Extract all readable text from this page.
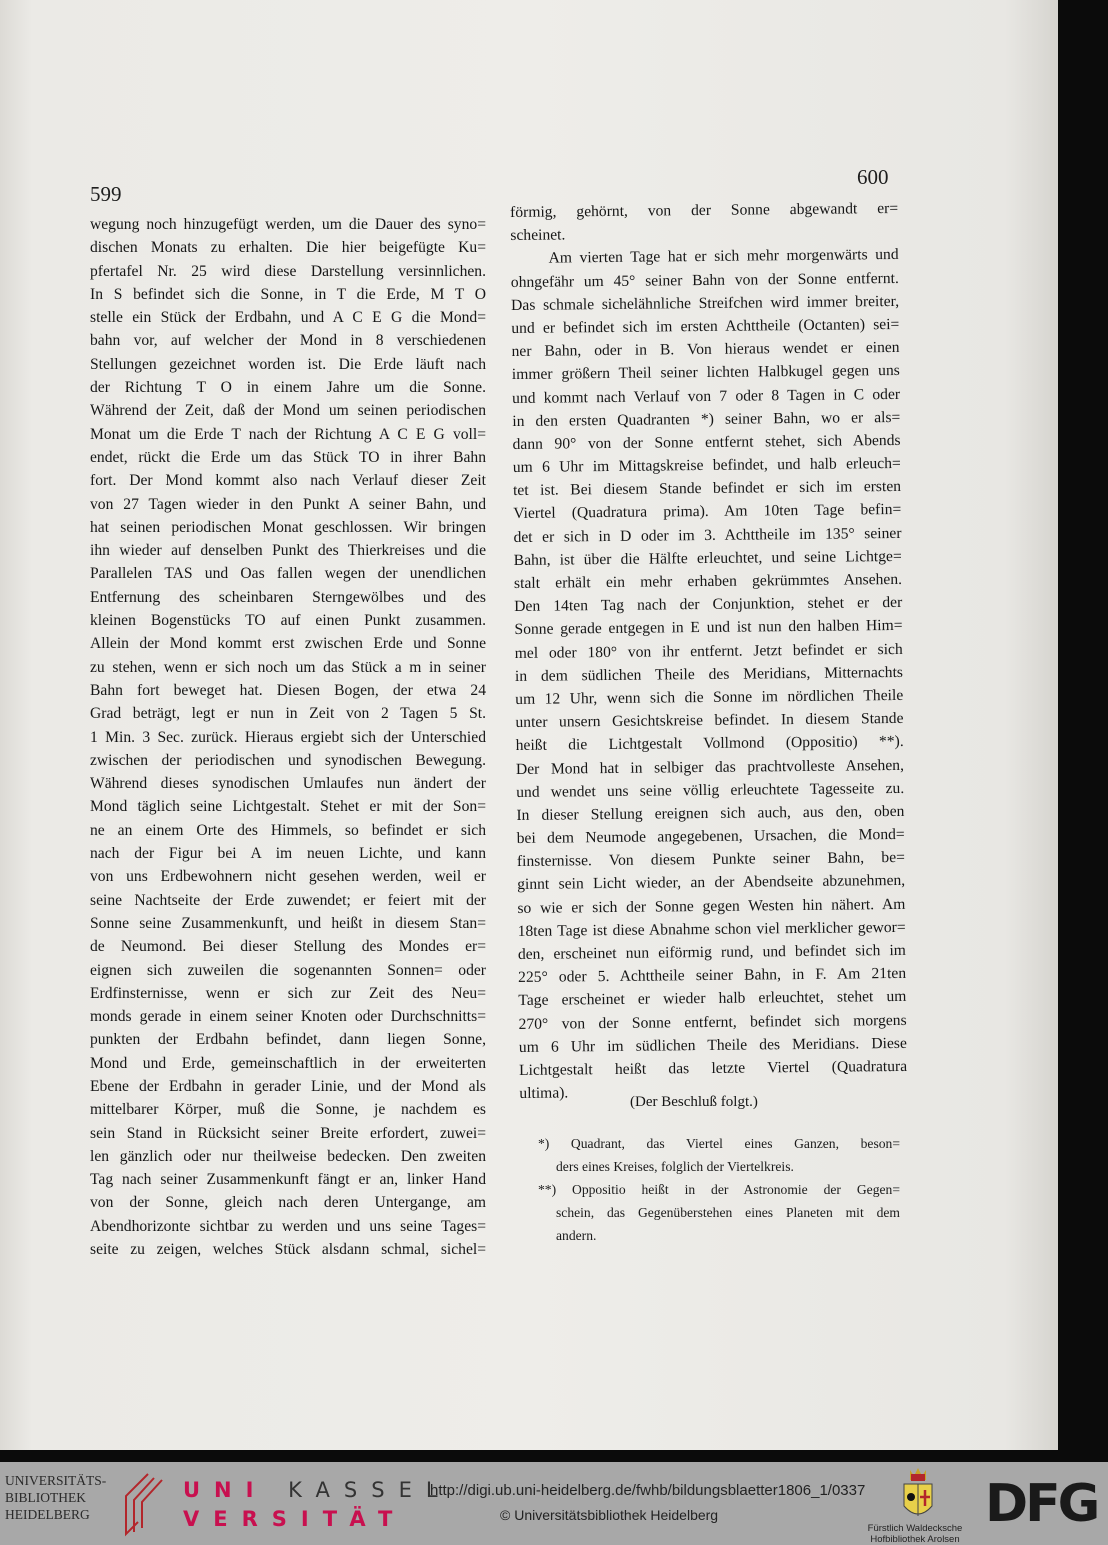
599
600
wegung noch hinzugefügt werden, um die Dauer des syno=
dischen Monats zu erhalten. Die hier beigefügte Ku=
pfertafel Nr. 25 wird diese Darstellung versinnlichen.
In S befindet sich die Sonne, in T die Erde, M T O
stelle ein Stück der Erdbahn, und A C E G die Mond=
bahn vor, auf welcher der Mond in 8 verschiedenen
Stellungen gezeichnet worden ist. Die Erde läuft nach
der Richtung T O in einem Jahre um die Sonne.
Während der Zeit, daß der Mond um seinen periodischen
Monat um die Erde T nach der Richtung A C E G voll=
endet, rückt die Erde um das Stück TO in ihrer Bahn
fort. Der Mond kommt also nach Verlauf dieser Zeit
von 27 Tagen wieder in den Punkt A seiner Bahn, und
hat seinen periodischen Monat geschlossen. Wir bringen
ihn wieder auf denselben Punkt des Thierkreises und die
Parallelen TAS und Oas fallen wegen der unendlichen
Entfernung des scheinbaren Sterngewölbes und des
kleinen Bogenstücks TO auf einen Punkt zusammen.
Allein der Mond kommt erst zwischen Erde und Sonne
zu stehen, wenn er sich noch um das Stück a m in seiner
Bahn fort beweget hat. Diesen Bogen, der etwa 24
Grad beträgt, legt er nun in Zeit von 2 Tagen 5 St.
1 Min. 3 Sec. zurück. Hieraus ergiebt sich der Unterschied
zwischen der periodischen und synodischen Bewegung.
Während dieses synodischen Umlaufes nun ändert der
Mond täglich seine Lichtgestalt. Stehet er mit der Son=
ne an einem Orte des Himmels, so befindet er sich
nach der Figur bei A im neuen Lichte, und kann
von uns Erdbewohnern nicht gesehen werden, weil er
seine Nachtseite der Erde zuwendet; er feiert mit der
Sonne seine Zusammenkunft, und heißt in diesem Stan=
de Neumond. Bei dieser Stellung des Mondes er=
eignen sich zuweilen die sogenannten Sonnen= oder
Erdfinsternisse, wenn er sich zur Zeit des Neu=
monds gerade in einem seiner Knoten oder Durchschnitts=
punkten der Erdbahn befindet, dann liegen Sonne,
Mond und Erde, gemeinschaftlich in der erweiterten
Ebene der Erdbahn in gerader Linie, und der Mond als
mittelbarer Körper, muß die Sonne, je nachdem es
sein Stand in Rücksicht seiner Breite erfordert, zuwei=
len gänzlich oder nur theilweise bedecken. Den zweiten
Tag nach seiner Zusammenkunft fängt er an, linker Hand
von der Sonne, gleich nach deren Untergange, am
Abendhorizonte sichtbar zu werden und uns seine Tages=
seite zu zeigen, welches Stück alsdann schmal, sichel=
förmig, gehörnt, von der Sonne abgewandt er=
scheinet.
Am vierten Tage hat er sich mehr morgenwärts und
ohngefähr um 45° seiner Bahn von der Sonne entfernt.
Das schmale sichelähnliche Streifchen wird immer breiter,
und er befindet sich im ersten Achttheile (Octanten) sei=
ner Bahn, oder in B. Von hieraus wendet er einen
immer größern Theil seiner lichten Halbkugel gegen uns
und kommt nach Verlauf von 7 oder 8 Tagen in C oder
in den ersten Quadranten *) seiner Bahn, wo er als=
dann 90° von der Sonne entfernt stehet, sich Abends
um 6 Uhr im Mittagskreise befindet, und halb erleuch=
tet ist. Bei diesem Stande befindet er sich im ersten
Viertel (Quadratura prima). Am 10ten Tage befin=
det er sich in D oder im 3. Achttheile im 135° seiner
Bahn, ist über die Hälfte erleuchtet, und seine Lichtge=
stalt erhält ein mehr erhaben gekrümmtes Ansehen.
Den 14ten Tag nach der Conjunktion, stehet er der
Sonne gerade entgegen in E und ist nun den halben Him=
mel oder 180° von ihr entfernt. Jetzt befindet er sich
in dem südlichen Theile des Meridians, Mitternachts
um 12 Uhr, wenn sich die Sonne im nördlichen Theile
unter unsern Gesichtskreise befindet. In diesem Stande
heißt die Lichtgestalt Vollmond (Oppositio) **).
Der Mond hat in selbiger das prachtvolleste Ansehen,
und wendet uns seine völlig erleuchtete Tagesseite zu.
In dieser Stellung ereignen sich auch, aus den, oben
bei dem Neumode angegebenen, Ursachen, die Mond=
finsternisse. Von diesem Punkte seiner Bahn, be=
ginnt sein Licht wieder, an der Abendseite abzunehmen,
so wie er sich der Sonne gegen Westen hin nähert. Am
18ten Tage ist diese Abnahme schon viel merklicher gewor=
den, erscheinet nun eiförmig rund, und befindet sich im
225° oder 5. Achttheile seiner Bahn, in F. Am 21ten
Tage erscheinet er wieder halb erleuchtet, stehet um
270° von der Sonne entfernt, befindet sich morgens
um 6 Uhr im südlichen Theile des Meridians. Diese
Lichtgestalt heißt das letzte Viertel (Quadratura
ultima).	(Der Beschluß folgt.)
*) Quadrant, das Viertel eines Ganzen, beson=
ders eines Kreises, folglich der Viertelkreis.
**) Oppositio heißt in der Astronomie der Gegen=
schein, das Gegenüberstehen eines Planeten mit dem
andern.
UNIVERSITÄTS-
BIBLIOTHEK
HEIDELBERG
UNI KASSEL
VERSITÄT
http://digi.ub.uni-heidelberg.de/fwhb/bildungsblaetter1806_1/0337
© Universitätsbibliothek Heidelberg
Fürstlich Waldecksche
Hofbibliothek Arolsen
DFG
